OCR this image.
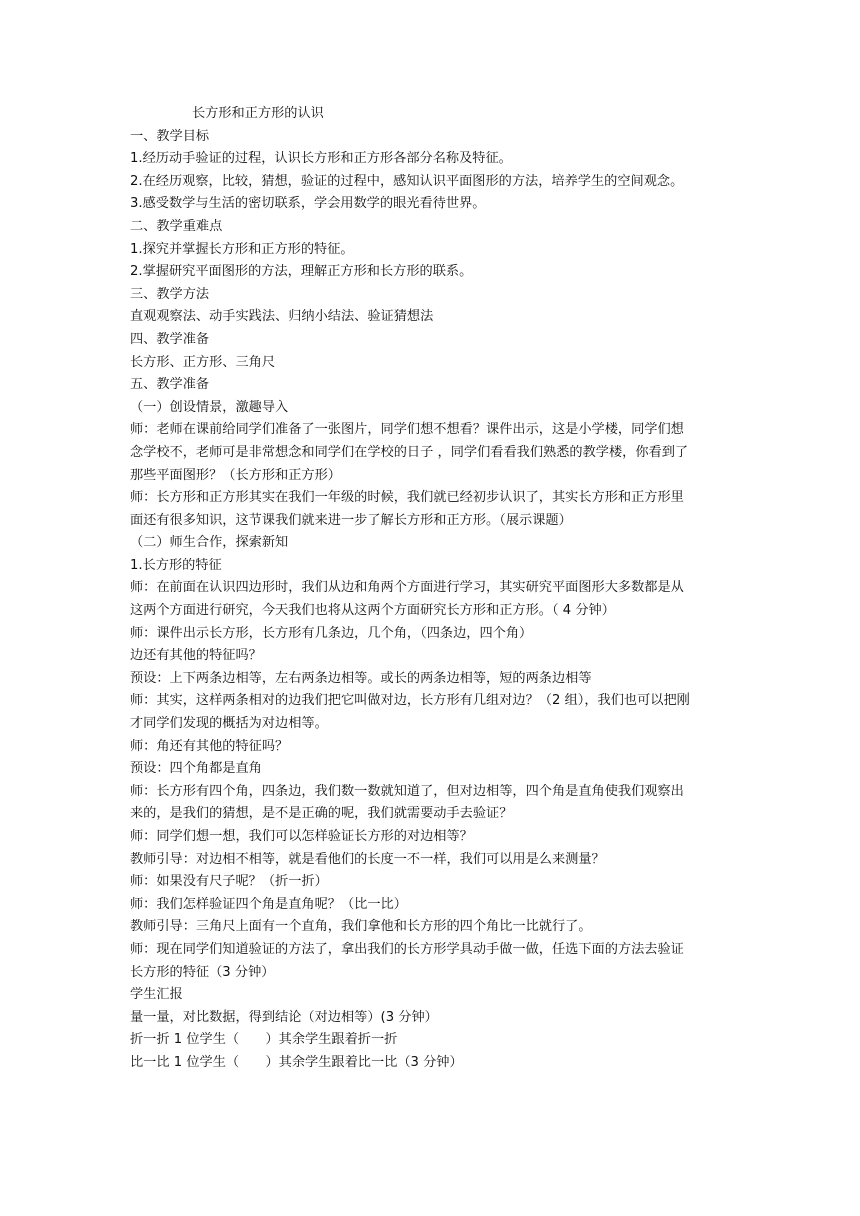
长方形和正方形的认识

一、教学目标

1.经历动手验证的过程，认识长方形和正方形各部分名称及特征。

2.在经历观察，比较，猜想，验证的过程中，感知认识平面图形的方法，培养学生的空间观念。

3.感受数学与生活的密切联系，学会用数学的眼光看待世界。

二、教学重难点

1.探究并掌握长方形和正方形的特征。

2.掌握研究平面图形的方法，理解正方形和长方形的联系。

三、教学方法

直观观察法、动手实践法、归纳小结法、验证猜想法

四、教学准备

长方形、正方形、三角尺

五、教学准备

（一）创设情景，激趣导入

师：老师在课前给同学们准备了一张图片，同学们想不想看？课件出示，这是小学楼，同学们想念学校不，老师可是非常想念和同学们在学校的日子 ，同学们看看我们熟悉的教学楼，你看到了那些平面图形？（长方形和正方形）

师：长方形和正方形其实在我们一年级的时候，我们就已经初步认识了，其实长方形和正方形里面还有很多知识，这节课我们就来进一步了解长方形和正方形。（展示课题）

（二）师生合作，探索新知

1.长方形的特征

师：在前面在认识四边形时，我们从边和角两个方面进行学习，其实研究平面图形大多数都是从这两个方面进行研究，今天我们也将从这两个方面研究长方形和正方形。（ 4 分钟）

师：课件出示长方形，长方形有几条边，几个角，（四条边，四个角）

边还有其他的特征吗？

预设：上下两条边相等，左右两条边相等。或长的两条边相等，短的两条边相等

师：其实，这样两条相对的边我们把它叫做对边，长方形有几组对边？（2 组），我们也可以把刚才同学们发现的概括为对边相等。

师：角还有其他的特征吗？

预设：四个角都是直角

师：长方形有四个角，四条边，我们数一数就知道了，但对边相等，四个角是直角使我们观察出来的，是我们的猜想，是不是正确的呢，我们就需要动手去验证？

师：同学们想一想，我们可以怎样验证长方形的对边相等？

教师引导：对边相不相等，就是看他们的长度一不一样，我们可以用是么来测量？

师：如果没有尺子呢？（折一折）

师：我们怎样验证四个角是直角呢？（比一比）

教师引导：三角尺上面有一个直角，我们拿他和长方形的四个角比一比就行了。

师：现在同学们知道验证的方法了，拿出我们的长方形学具动手做一做，任选下面的方法去验证长方形的特征（3 分钟）

学生汇报

量一量，对比数据，得到结论（对边相等）(3 分钟）

折一折 1 位学生（　　）其余学生跟着折一折

比一比 1 位学生（　　）其余学生跟着比一比（3 分钟）
